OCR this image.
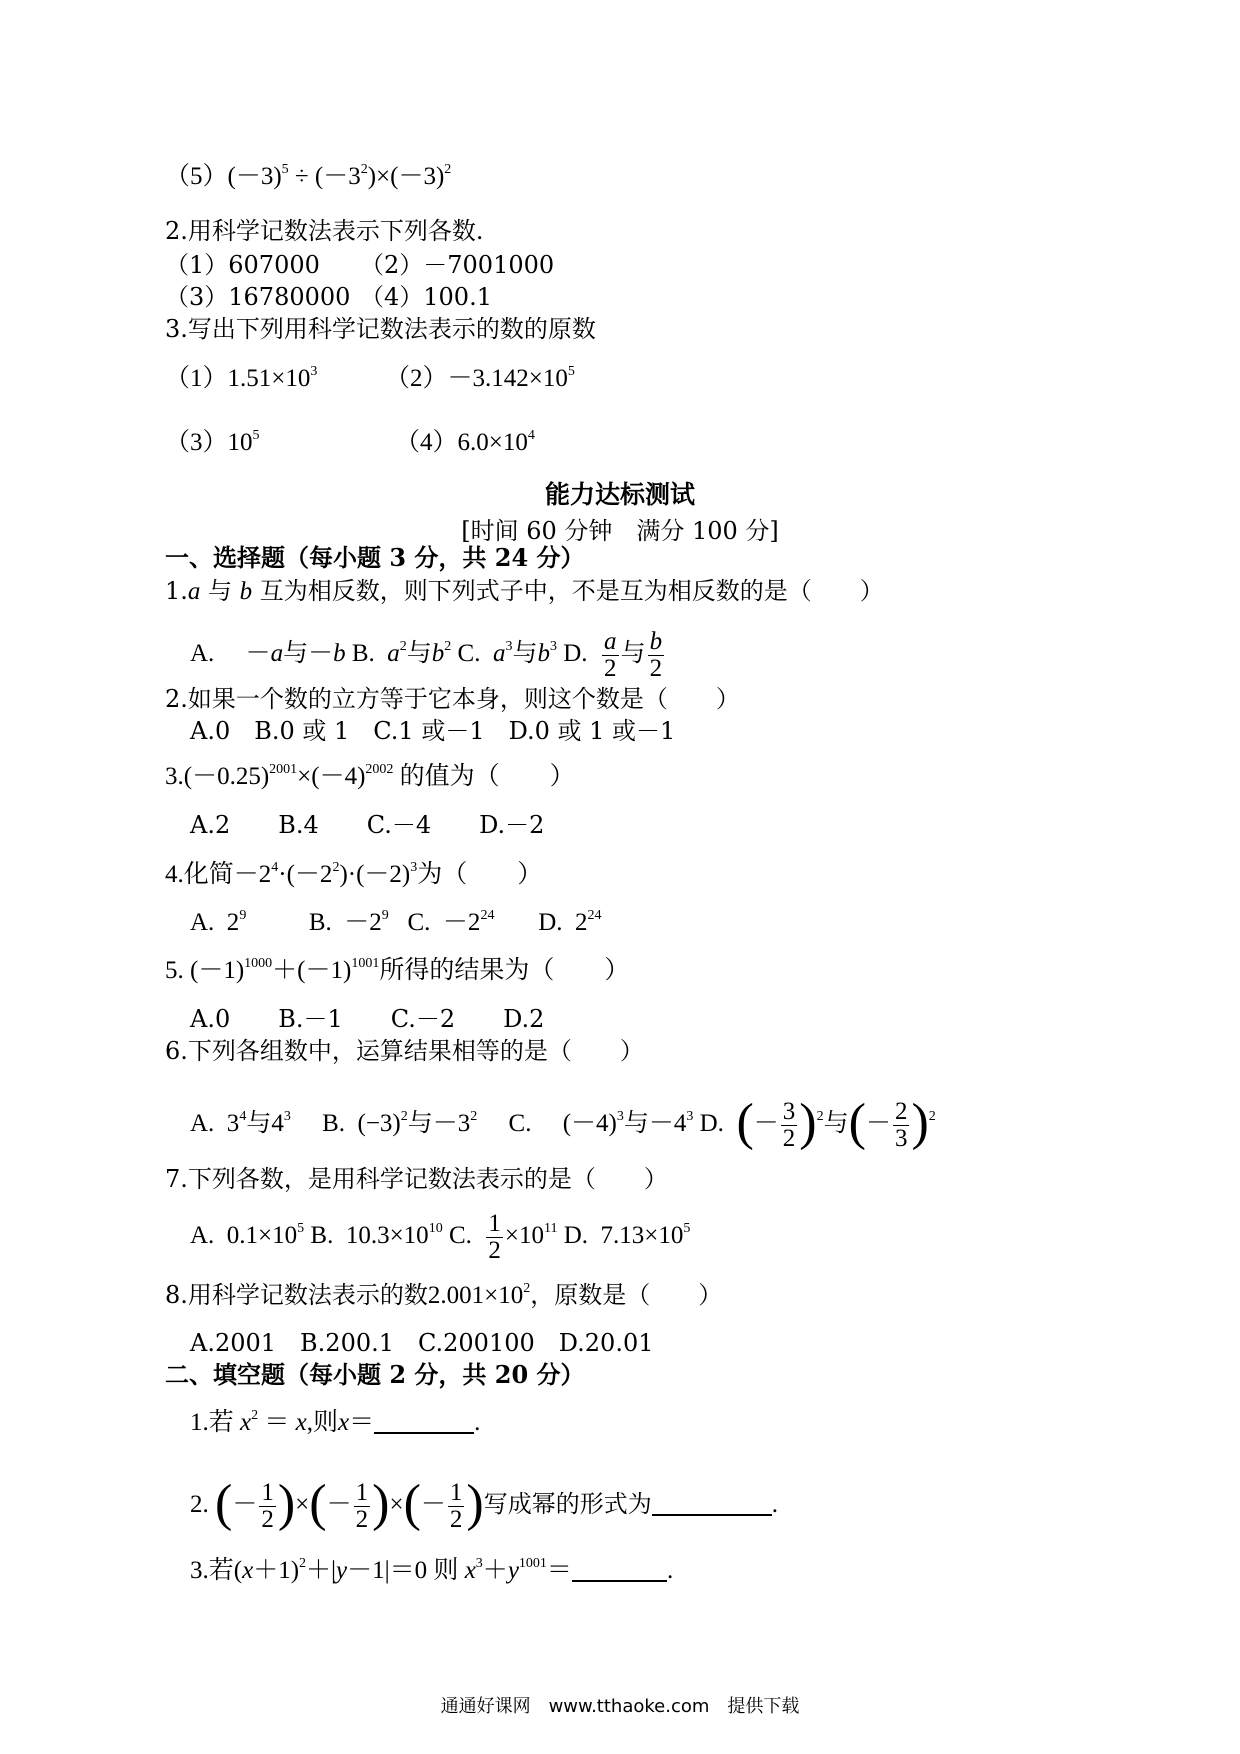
$(5)(-3)^5 \div (-3^2)\times(-3)^2$
2.用科学记数法表示下列各数.
（1）607000 （2）－7001000
（3）16780000 （4）100.1
3.写出下列用科学记数法表示的数的原数
$(1)1.51\times 10^3$	$(2)-3.142\times 10^5$
$(3)10^5$	$(4)6.0\times 10^4$
能力达标测试
[时间 60 分钟　满分 100 分]
一、选择题（每小题 3 分，共 24 分）
1.a 与 b 互为相反数，则下列式子中，不是互为相反数的是（　　）
A.　 －a与－b B.  $a^2$与$b^2$ C.  $a^3$与$b^3$ D. $\frac{a}{2}$ 与 $\frac{b}{2}$
2.如果一个数的立方等于它本身，则这个数是（　　）
A.0　B.0 或 1　C.1 或－1　D.0 或 1 或－1
$3.(-0.25)^{2001}\times(-4)^{2002}$ 的值为（　　）
A.2　　B.4　　C.－4　　D.－2
4.化简$-2^4\cdot(-2^2)\cdot(-2)^3$为（　　）
A.  $2^9$　　  B.  $-2^9$   C.  $-2^{24}$　   D.  $2^{24}$
5. $(-1)^{1000}+(-1)^{1001}$所得的结果为（　　）
A.0　　B.－1　　C.－2　　D.2
6.下列各组数中，运算结果相等的是（　　）
A.  $3^4$与$4^3$　 B.  $(-3)^2$与$-3^2$　 C.　 $(-4)^3$与$-4^3$ D.  (－ $\frac{3}{2} )^2$与(－ $\frac{2}{3} )^2$
7.下列各数，是用科学记数法表示的是（　　）
A.  $0.1\times 10^5$ B.  $10.3\times 10^{10}$ C. $\frac{1}{2} \times 10^{11}$ D.  $7.13\times 10^5$
8.用科学记数法表示的数$2.001\times 10^2$，原数是（　　）
A.2001　B.200.1　C.200100　D.20.01
二、填空题（每小题 2 分，共 20 分）
1.若 $x^2 = x$,则x＝	.
2. (－ $\frac{1}{2}$ )×(－ $\frac{1}{2}$ )×(－ $\frac{1}{2}$ )写成幂的形式为	.
3.若$(x+1)^2+|y-1|=0$ 则 $x^3+y^{1001}=$	.
通通好课网　www.tthaoke.com　提供下载
